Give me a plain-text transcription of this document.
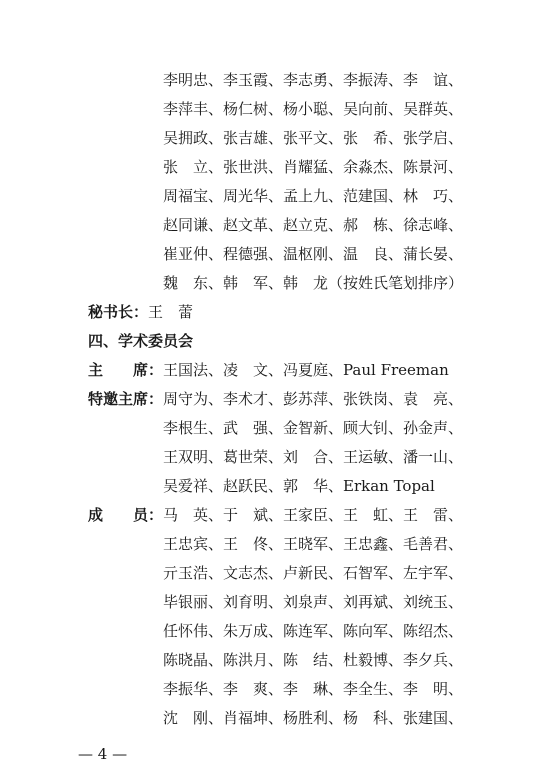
李明忠、李玉霞、李志勇、李振涛、李　谊、
李萍丰、杨仁树、杨小聪、吴向前、吴群英、
吴拥政、张吉雄、张平文、张　希、张学启、
张　立、张世洪、肖耀猛、余淼杰、陈景河、
周福宝、周光华、孟上九、范建国、林　巧、
赵同谦、赵文革、赵立克、郝　栋、徐志峰、
崔亚仲、程德强、温枢刚、温　良、蒲长晏、
魏　东、韩　军、韩　龙（按姓氏笔划排序）
秘书长：王　蕾
四、学术委员会
主　　席：王国法、凌　文、冯夏庭、Paul Freeman
特邀主席：周守为、李术才、彭苏萍、张铁岗、袁　亮、
李根生、武　强、金智新、顾大钊、孙金声、
王双明、葛世荣、刘　合、王运敏、潘一山、
吴爱祥、赵跃民、郭　华、Erkan Topal
成　　员：马　英、于　斌、王家臣、王　虹、王　雷、
王忠宾、王　佟、王晓军、王忠鑫、毛善君、
亓玉浩、文志杰、卢新民、石智军、左宇军、
毕银丽、刘育明、刘泉声、刘再斌、刘统玉、
任怀伟、朱万成、陈连军、陈向军、陈绍杰、
陈晓晶、陈洪月、陈　结、杜毅博、李夕兵、
李振华、李　爽、李　琳、李全生、李　明、
沈　刚、肖福坤、杨胜利、杨　科、张建国、
— 4 —
